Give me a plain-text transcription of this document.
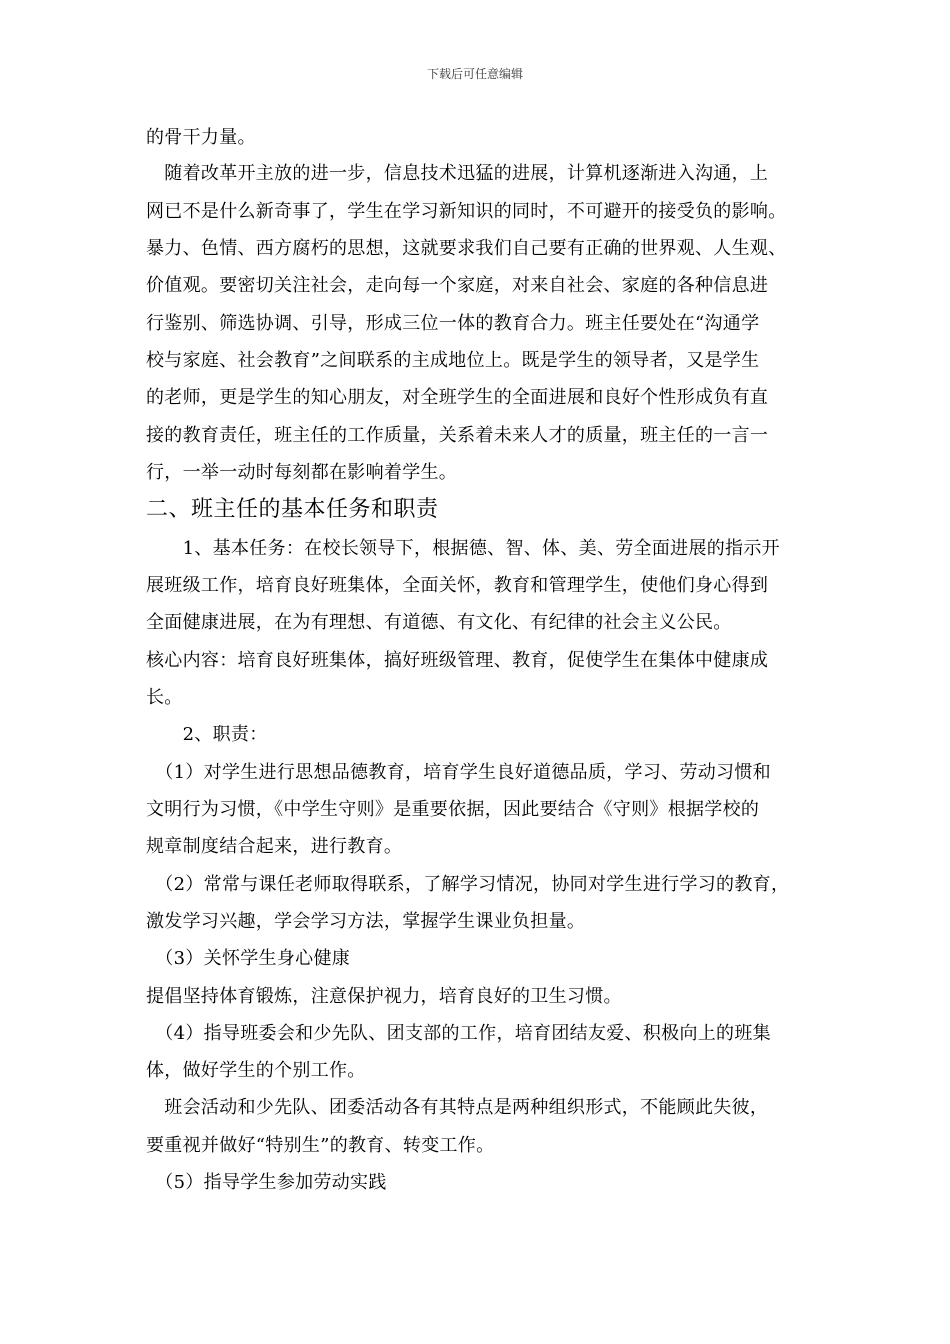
下载后可任意编辑
的骨干力量。
　随着改革开主放的进一步，信息技术迅猛的进展，计算机逐渐进入沟通，上
网已不是什么新奇事了，学生在学习新知识的同时，不可避开的接受负的影响。
暴力、色情、西方腐朽的思想，这就要求我们自己要有正确的世界观、人生观、
价值观。要密切关注社会，走向每一个家庭，对来自社会、家庭的各种信息进
行鉴别、筛选协调、引导，形成三位一体的教育合力。班主任要处在“沟通学
校与家庭、社会教育”之间联系的主成地位上。既是学生的领导者，又是学生
的老师，更是学生的知心朋友，对全班学生的全面进展和良好个性形成负有直
接的教育责任，班主任的工作质量，关系着未来人才的质量，班主任的一言一
行，一举一动时每刻都在影响着学生。
二、班主任的基本任务和职责
　　1、基本任务：在校长领导下，根据德、智、体、美、劳全面进展的指示开
展班级工作，培育良好班集体，全面关怀，教育和管理学生，使他们身心得到
全面健康进展，在为有理想、有道德、有文化、有纪律的社会主义公民。
核心内容：培育良好班集体，搞好班级管理、教育，促使学生在集体中健康成
长。
　　2、职责：
　（1）对学生进行思想品德教育，培育学生良好道德品质，学习、劳动习惯和
文明行为习惯，《中学生守则》是重要依据，因此要结合《守则》根据学校的
规章制度结合起来，进行教育。
　（2）常常与课任老师取得联系，了解学习情况，协同对学生进行学习的教育，
激发学习兴趣，学会学习方法，掌握学生课业负担量。
　（3）关怀学生身心健康
提倡坚持体育锻炼，注意保护视力，培育良好的卫生习惯。
　（4）指导班委会和少先队、团支部的工作，培育团结友爱、积极向上的班集
体，做好学生的个别工作。
　班会活动和少先队、团委活动各有其特点是两种组织形式，不能顾此失彼，
要重视并做好“特别生”的教育、转变工作。
　（5）指导学生参加劳动实践
